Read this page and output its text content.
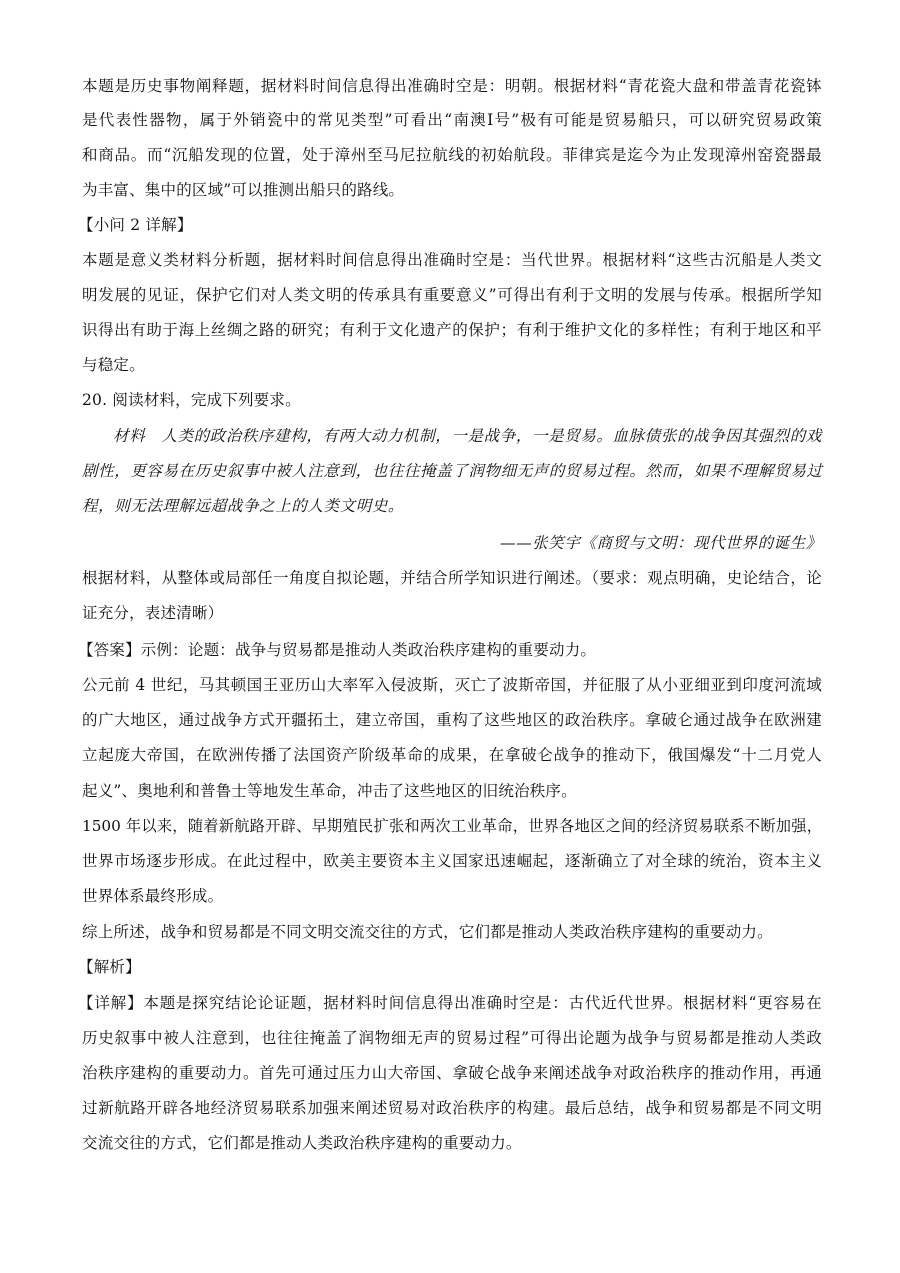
本题是历史事物阐释题，据材料时间信息得出准确时空是：明朝。根据材料“青花瓷大盘和带盖青花瓷钵
是代表性器物，属于外销瓷中的常见类型”可看出“南澳Ⅰ号”极有可能是贸易船只，可以研究贸易政策
和商品。而“沉船发现的位置，处于漳州至马尼拉航线的初始航段。菲律宾是迄今为止发现漳州窑瓷器最
为丰富、集中的区域”可以推测出船只的路线。
【小问 2 详解】
本题是意义类材料分析题，据材料时间信息得出准确时空是：当代世界。根据材料“这些古沉船是人类文
明发展的见证，保护它们对人类文明的传承具有重要意义”可得出有利于文明的发展与传承。根据所学知
识得出有助于海上丝绸之路的研究；有利于文化遗产的保护；有利于维护文化的多样性；有利于地区和平
与稳定。
20. 阅读材料，完成下列要求。
材料　人类的政治秩序建构，有两大动力机制，一是战争，一是贸易。血脉债张的战争因其强烈的戏
剧性，更容易在历史叙事中被人注意到，也往往掩盖了润物细无声的贸易过程。然而，如果不理解贸易过
程，则无法理解远超战争之上的人类文明史。
——张笑宇《商贸与文明：现代世界的诞生》
根据材料，从整体或局部任一角度自拟论题，并结合所学知识进行阐述。（要求：观点明确，史论结合，论
证充分，表述清晰）
【答案】示例：论题：战争与贸易都是推动人类政治秩序建构的重要动力。
公元前 4 世纪，马其顿国王亚历山大率军入侵波斯，灭亡了波斯帝国，并征服了从小亚细亚到印度河流域
的广大地区，通过战争方式开疆拓土，建立帝国，重构了这些地区的政治秩序。拿破仑通过战争在欧洲建
立起庞大帝国，在欧洲传播了法国资产阶级革命的成果，在拿破仑战争的推动下，俄国爆发“十二月党人
起义”、奥地利和普鲁士等地发生革命，冲击了这些地区的旧统治秩序。
1500 年以来，随着新航路开辟、早期殖民扩张和两次工业革命，世界各地区之间的经济贸易联系不断加强，
世界市场逐步形成。在此过程中，欧美主要资本主义国家迅速崛起，逐渐确立了对全球的统治，资本主义
世界体系最终形成。
综上所述，战争和贸易都是不同文明交流交往的方式，它们都是推动人类政治秩序建构的重要动力。
【解析】
【详解】本题是探究结论论证题，据材料时间信息得出准确时空是：古代近代世界。根据材料“更容易在
历史叙事中被人注意到，也往往掩盖了润物细无声的贸易过程”可得出论题为战争与贸易都是推动人类政
治秩序建构的重要动力。首先可通过压力山大帝国、拿破仑战争来阐述战争对政治秩序的推动作用，再通
过新航路开辟各地经济贸易联系加强来阐述贸易对政治秩序的构建。最后总结，战争和贸易都是不同文明
交流交往的方式，它们都是推动人类政治秩序建构的重要动力。
